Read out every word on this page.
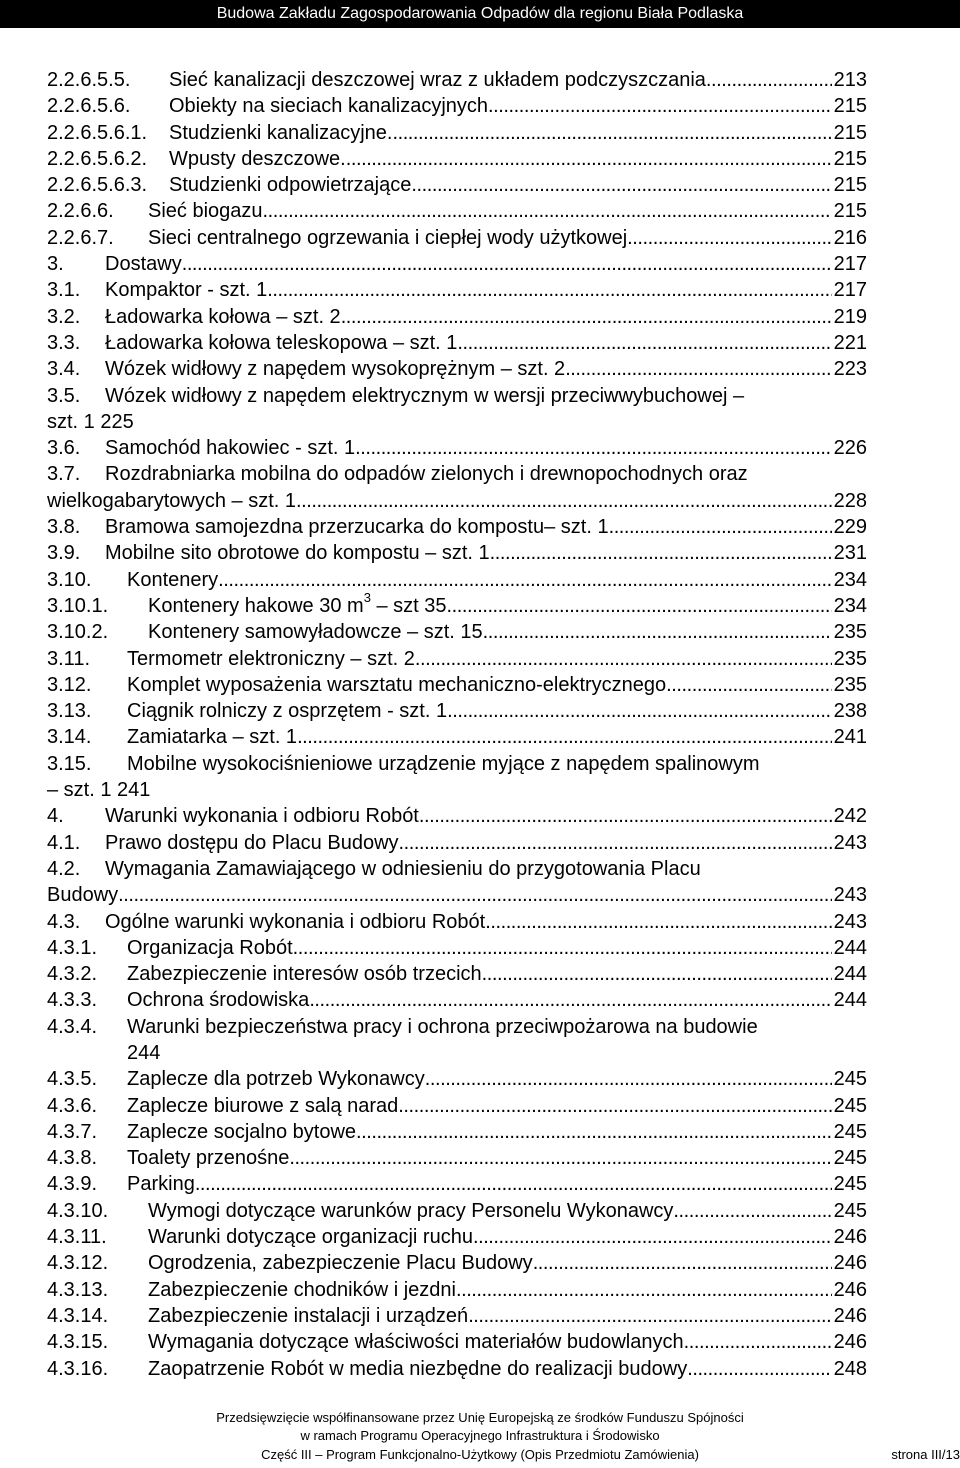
Budowa Zakładu Zagospodarowania Odpadów dla regionu Biała Podlaska
2.2.6.5.5. Sieć kanalizacji deszczowej wraz z układem podczyszczania . . .	213
2.2.6.5.6. Obiekty na sieciach kanalizacyjnych . . .	215
2.2.6.5.6.1. Studzienki kanalizacyjne. . . .	215
2.2.6.5.6.2. Wpusty deszczowe. . . .	215
2.2.6.5.6.3. Studzienki odpowietrzające . . .	215
2.2.6.6. Sieć biogazu . . .	215
2.2.6.7. Sieci centralnego ogrzewania i ciepłej wody użytkowej . . .	216
3. Dostawy . . .	217
3.1. Kompaktor - szt. 1 . . .	217
3.2. Ładowarka kołowa – szt. 2 . . .	219
3.3. Ładowarka kołowa teleskopowa – szt. 1 . . .	221
3.4. Wózek widłowy z napędem wysokoprężnym – szt. 2 . . .	223
3.5. Wózek widłowy z napędem elektrycznym w wersji przeciwwybuchowej –
szt. 1 225
3.6. Samochód hakowiec - szt. 1 . . .	226
3.7. Rozdrabniarka mobilna do odpadów zielonych i drewnopochodnych oraz
wielkogabarytowych – szt. 1 . . .	228
3.8. Bramowa samojezdna przerzucarka do kompostu– szt. 1 . . .	229
3.9. Mobilne sito obrotowe do kompostu – szt. 1 . . .	231
3.10. Kontenery . . .	234
3.10.1. Kontenery hakowe 30 $m^3$ – szt 35 . . .	234
3.10.2. Kontenery samowyładowcze – szt. 15 . . .	235
3.11. Termometr elektroniczny – szt. 2 . . .	235
3.12. Komplet wyposażenia warsztatu mechaniczno-elektrycznego . . .	235
3.13. Ciągnik rolniczy z osprzętem - szt. 1 . . .	238
3.14. Zamiatarka – szt. 1 . . .	241
3.15. Mobilne wysokociśnieniowe urządzenie myjące z napędem spalinowym
– szt. 1 241
4. Warunki wykonania i odbioru Robót . . .	242
4.1. Prawo dostępu do Placu Budowy . . .	243
4.2. Wymagania Zamawiającego w odniesieniu do przygotowania Placu
Budowy . . .	243
4.3. Ogólne warunki wykonania i odbioru Robót . . .	243
4.3.1. Organizacja Robót . . .	244
4.3.2. Zabezpieczenie interesów osób trzecich . . .	244
4.3.3. Ochrona środowiska . . .	244
4.3.4. Warunki bezpieczeństwa pracy i ochrona przeciwpożarowa na budowie
244
4.3.5. Zaplecze dla potrzeb Wykonawcy . . .	245
4.3.6. Zaplecze biurowe z salą narad . . .	245
4.3.7. Zaplecze socjalno bytowe . . .	245
4.3.8. Toalety przenośne . . .	245
4.3.9. Parking . . .	245
4.3.10. Wymogi dotyczące warunków pracy Personelu Wykonawcy . . .	245
4.3.11. Warunki dotyczące organizacji ruchu . . .	246
4.3.12. Ogrodzenia, zabezpieczenie Placu Budowy . . .	246
4.3.13. Zabezpieczenie chodników i jezdni . . .	246
4.3.14. Zabezpieczenie instalacji i urządzeń . . .	246
4.3.15. Wymagania dotyczące właściwości materiałów budowlanych . . .	246
4.3.16. Zaopatrzenie Robót w media niezbędne do realizacji budowy . . .	248
Przedsięwzięcie współfinansowane przez Unię Europejską ze środków Funduszu Spójności
w ramach Programu Operacyjnego Infrastruktura i Środowisko
Część III – Program Funkcjonalno-Użytkowy (Opis Przedmiotu Zamówienia)	strona III/13
